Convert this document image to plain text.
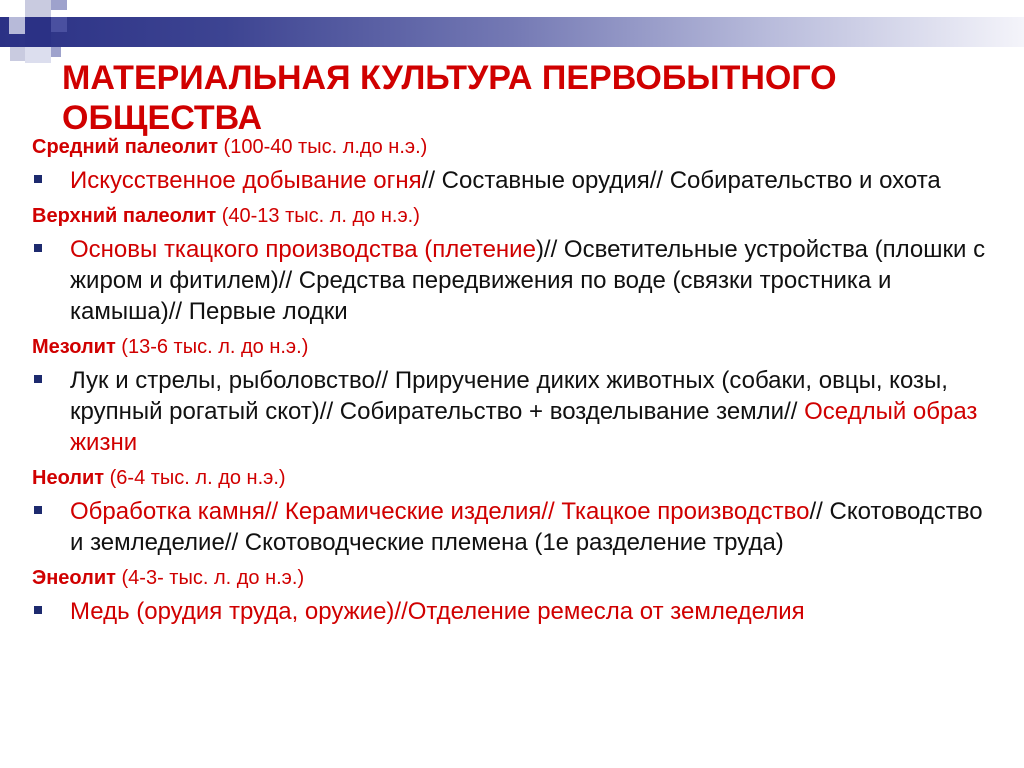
МАТЕРИАЛЬНАЯ КУЛЬТУРА ПЕРВОБЫТНОГО ОБЩЕСТВА
Средний палеолит (100-40 тыс. л.до н.э.)
Искусственное добывание огня// Составные орудия// Собирательство и охота
Верхний палеолит (40-13 тыс. л. до н.э.)
Основы ткацкого производства (плетение)// Осветительные устройства (плошки с жиром и фитилем)// Средства передвижения по воде (связки тростника и камыша)// Первые лодки
Мезолит (13-6 тыс. л. до н.э.)
Лук и стрелы, рыболовство// Приручение диких животных (собаки, овцы, козы, крупный рогатый скот)// Собирательство + возделывание земли// Оседлый образ жизни
Неолит (6-4 тыс. л. до н.э.)
Обработка камня// Керамические изделия// Ткацкое производство// Скотоводство и земледелие// Скотоводческие племена (1е разделение труда)
Энеолит (4-3- тыс. л. до н.э.)
Медь (орудия труда, оружие)//Отделение ремесла от земледелия
